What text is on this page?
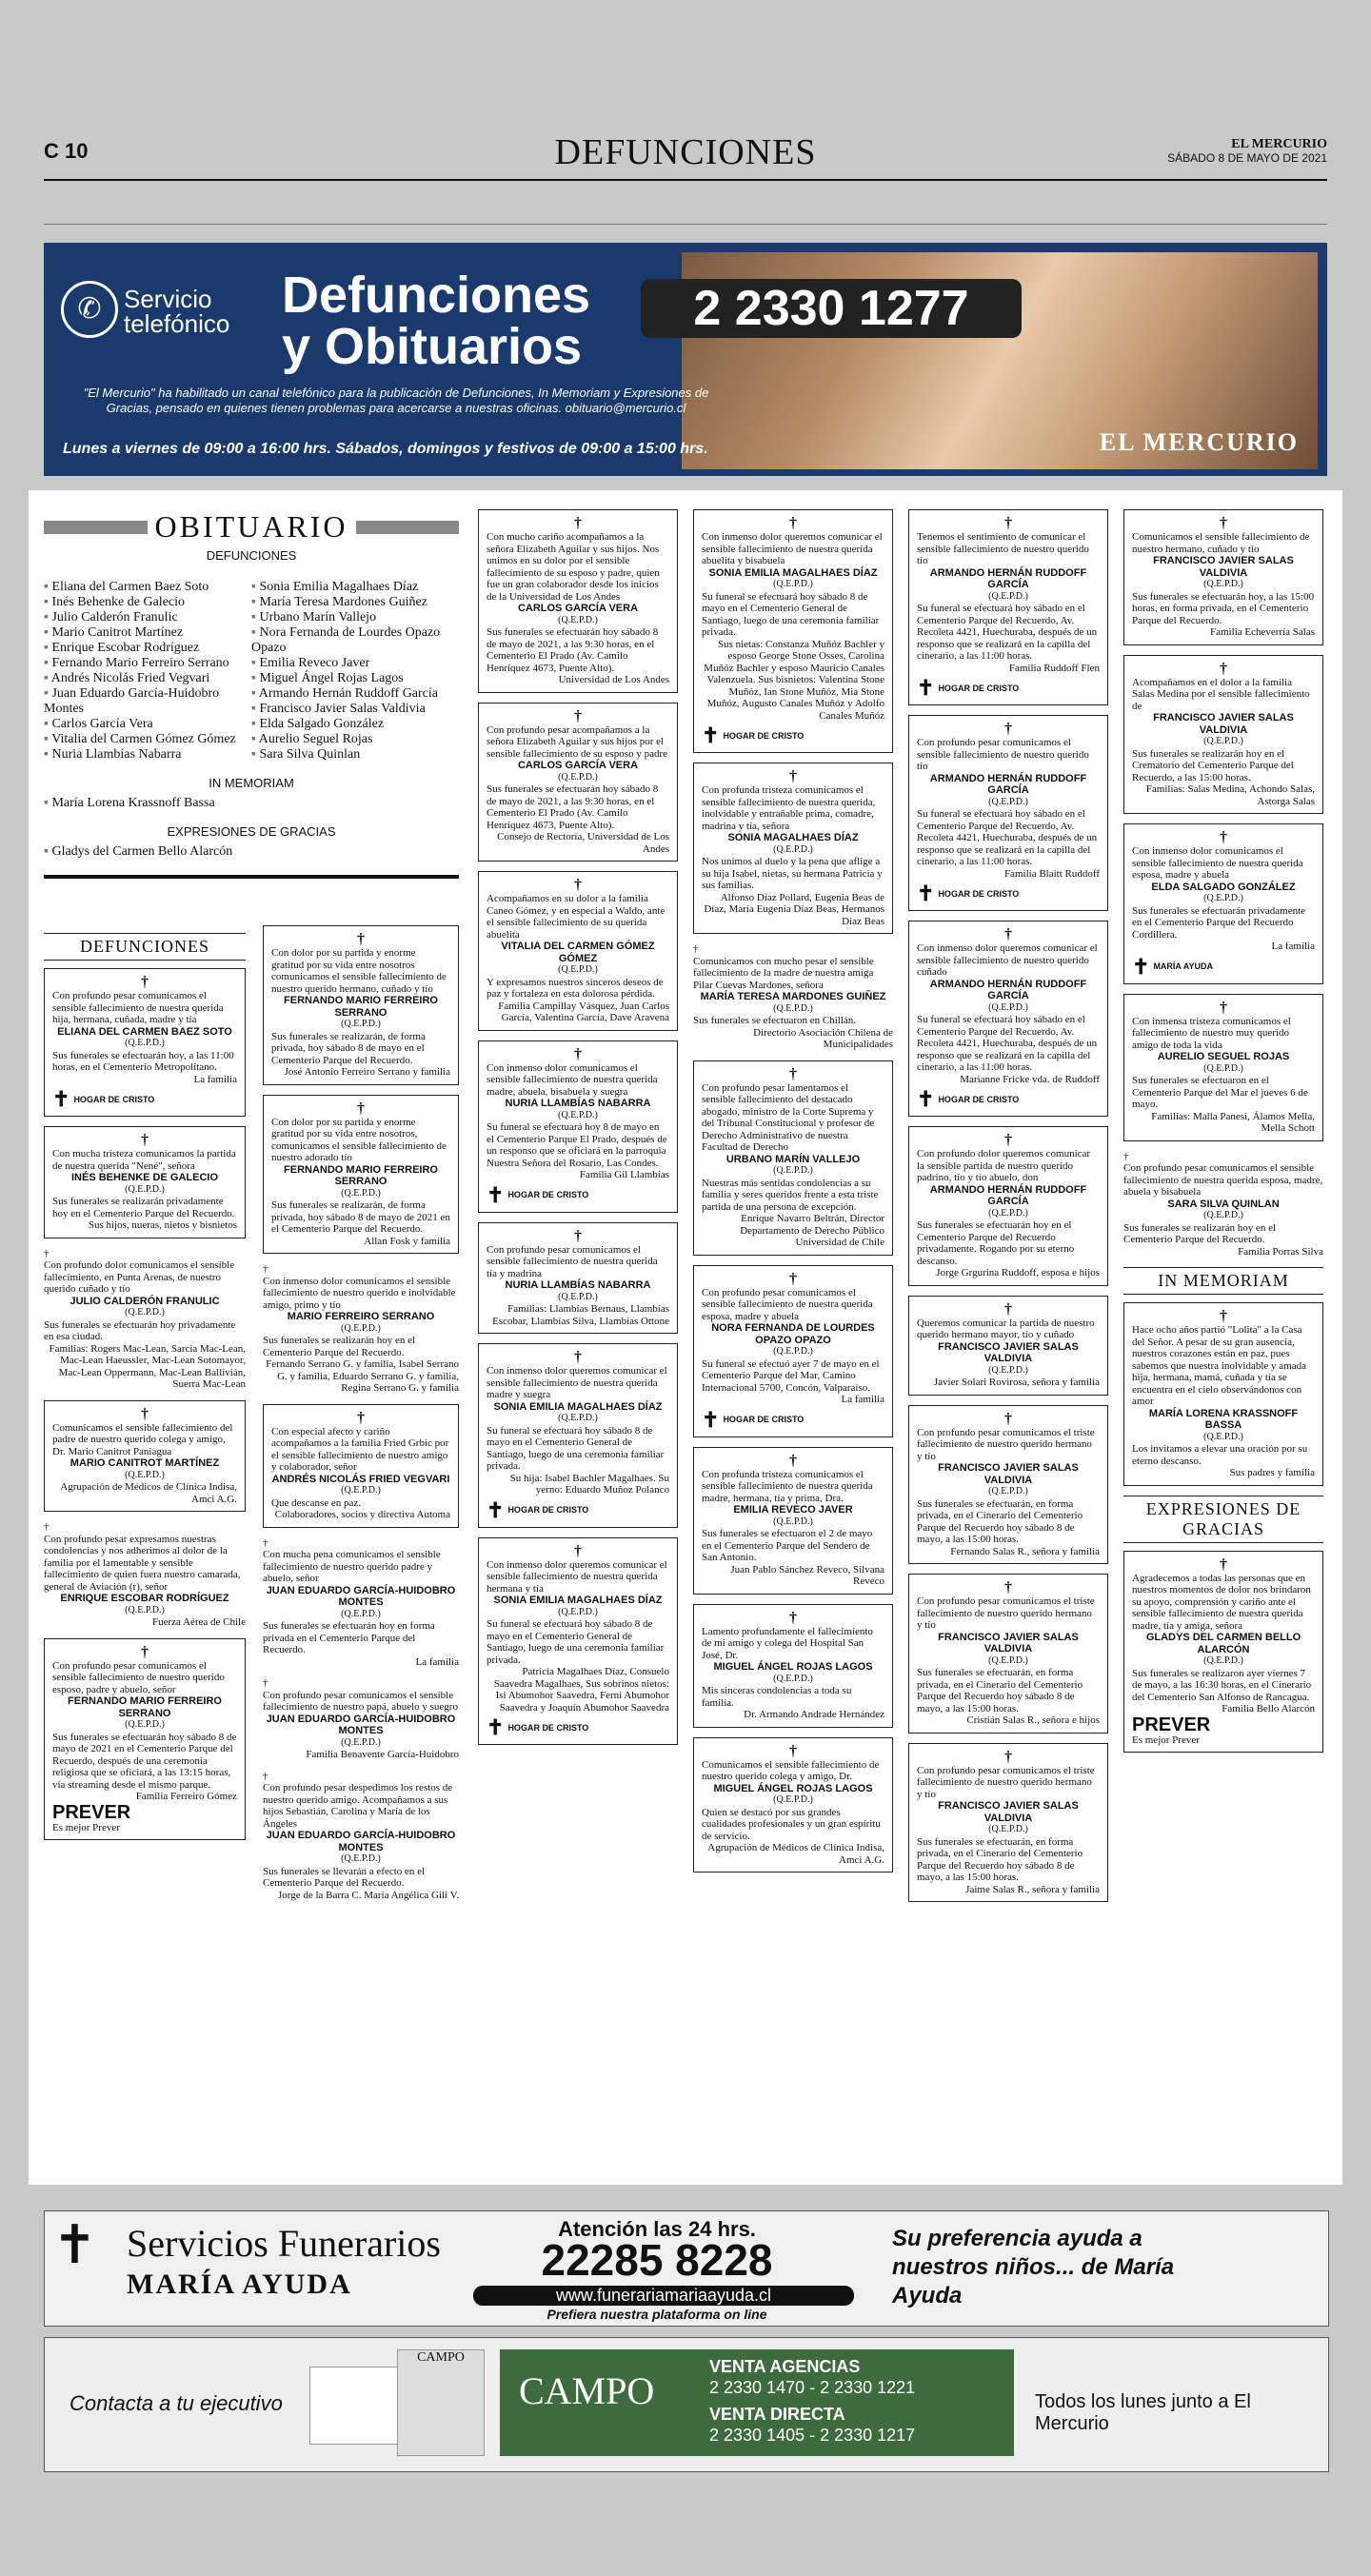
C 10	DEFUNCIONES	EL MERCURIO
SÁBADO 8 DE MAYO DE 2021
✆ Servicio
telefónico Defunciones
y Obituarios
2 2330 1277
"El Mercurio" ha habilitado un canal telefónico para la publicación de Defunciones, In Memoriam y Expresiones de Gracias, pensado en quienes tienen problemas para acercarse a nuestras oficinas. obituario@mercurio.cl
Lunes a viernes de 09:00 a 16:00 hrs. Sábados, domingos y festivos de 09:00 a 15:00 hrs.	EL MERCURIO
OBITUARIO
DEFUNCIONES
▪ Eliana del Carmen Baez Soto
▪ Inés Behenke de Galecio
▪ Julio Calderón Franulic
▪ Mario Canitrot Martínez
▪ Enrique Escobar Rodríguez
▪ Fernando Mario Ferreiro Serrano
▪ Andrés Nicolás Fried Vegvari
▪ Juan Eduardo García-Huidobro Montes
▪ Carlos García Vera
▪ Vitalia del Carmen Gómez Gómez
▪ Nuria Llambías Nabarra
▪ Sonia Emilia Magalhaes Díaz
▪ María Teresa Mardones Guiñez
▪ Urbano Marín Vallejo
▪ Nora Fernanda de Lourdes Opazo Opazo
▪ Emilia Reveco Javer
▪ Miguel Ángel Rojas Lagos
▪ Armando Hernán Ruddoff García
▪ Francisco Javier Salas Valdivia
▪ Elda Salgado González
▪ Aurelio Seguel Rojas
▪ Sara Silva Quinlan
IN MEMORIAM
▪ María Lorena Krassnoff Bassa
EXPRESIONES DE GRACIAS
▪ Gladys del Carmen Bello Alarcón
DEFUNCIONES
†
Con profundo pesar comunicamos el sensible fallecimiento de nuestra querida hija, hermana, cuñada, madre y tía
ELIANA DEL CARMEN BAEZ SOTO
(Q.E.P.D.)
Sus funerales se efectuarán hoy, a las 11:00 horas, en el Cementerio Metropolitano.
La familia
✝ HOGAR DE CRISTO
†
Con mucha tristeza comunicamos la partida de nuestra querida "Nené", señora
INÉS BEHENKE DE GALECIO
(Q.E.P.D.)
Sus funerales se realizarán privadamente hoy en el Cementerio Parque del Recuerdo.
Sus hijos, nueras, nietos y bisnietos
†
Con profundo dolor comunicamos el sensible fallecimiento, en Punta Arenas, de nuestro querido cuñado y tío
JULIO CALDERÓN FRANULIC
(Q.E.P.D.)
Sus funerales se efectuarán hoy privadamente en esa ciudad.
Familias: Rogers Mac-Lean, Sarcia Mac-Lean, Mac-Lean Haeussler, Mac-Lean Sotomayor, Mac-Lean Oppermann, Mac-Lean Ballivián, Suerra Mac-Lean
†
Comunicamos el sensible fallecimiento del padre de nuestro querido colega y amigo, Dr. Mario Canitrot Paniagua
MARIO CANITROT MARTÍNEZ
(Q.E.P.D.)
Agrupación de Médicos de Clínica Indisa, Amci A.G.
†
Con profundo pesar expresamos nuestras condolencias y nos adherimos al dolor de la familia por el lamentable y sensible fallecimiento de quien fuera nuestro camarada, general de Aviación (r), señor
ENRIQUE ESCOBAR RODRÍGUEZ
(Q.E.P.D.)
Fuerza Aérea de Chile
†
Con profundo pesar comunicamos el sensible fallecimiento de nuestro querido esposo, padre y abuelo, señor
FERNANDO MARIO FERREIRO SERRANO
(Q.E.P.D.)
Sus funerales se efectuarán hoy sábado 8 de mayo de 2021 en el Cementerio Parque del Recuerdo, después de una ceremonia religiosa que se oficiará, a las 13:15 horas, vía streaming desde el mismo parque.
Familia Ferreiro Gómez
PREVER
Es mejor Prever
†
Con dolor por su partida y enorme gratitud por su vida entre nosotros comunicamos el sensible fallecimiento de nuestro querido hermano, cuñado y tío
FERNANDO MARIO FERREIRO SERRANO
(Q.E.P.D.)
Sus funerales se realizarán, de forma privada, hoy sábado 8 de mayo en el Cementerio Parque del Recuerdo.
José Antonio Ferreiro Serrano y familia
†
Con dolor por su partida y enorme gratitud por su vida entre nosotros, comunicamos el sensible fallecimiento de nuestro adorado tío
FERNANDO MARIO FERREIRO SERRANO
(Q.E.P.D.)
Sus funerales se realizarán, de forma privada, hoy sábado 8 de mayo de 2021 en el Cementerio Parque del Recuerdo.
Allan Fosk y familia
†
Con inmenso dolor comunicamos el sensible fallecimiento de nuestro querido e inolvidable amigo, primo y tío
MARIO FERREIRO SERRANO
(Q.E.P.D.)
Sus funerales se realizarán hoy en el Cementerio Parque del Recuerdo.
Fernando Serrano G. y familia, Isabel Serrano G. y familia, Eduardo Serrano G. y familia, Regina Serrano G. y familia
†
Con especial afecto y cariño acompañamos a la familia Fried Grbic por el sensible fallecimiento de nuestro amigo y colaborador, señor
ANDRÉS NICOLÁS FRIED VEGVARI
(Q.E.P.D.)
Que descanse en paz.
Colaboradores, socios y directiva Automa
†
Con mucha pena comunicamos el sensible fallecimiento de nuestro querido padre y abuelo, señor
JUAN EDUARDO GARCÍA-HUIDOBRO MONTES
(Q.E.P.D.)
Sus funerales se efectuarán hoy en forma privada en el Cementerio Parque del Recuerdo.
La familia
†
Con profundo pesar comunicamos el sensible fallecimiento de nuestro papá, abuelo y suegro
JUAN EDUARDO GARCÍA-HUIDOBRO MONTES
(Q.E.P.D.)
Familia Benavente García-Huidobro
†
Con profundo pesar despedimos los restos de nuestro querido amigo. Acompañamos a sus hijos Sebastián, Carolina y María de los Ángeles
JUAN EDUARDO GARCÍA-HUIDOBRO MONTES
(Q.E.P.D.)
Sus funerales se llevarán a efecto en el Cementerio Parque del Recuerdo.
Jorge de la Barra C. María Angélica Gili V.
†
Con mucho cariño acompañamos a la señora Elizabeth Aguilar y sus hijos. Nos unimos en su dolor por el sensible fallecimiento de su esposo y padre, quien fue un gran colaborador desde los inicios de la Universidad de Los Andes
CARLOS GARCÍA VERA
(Q.E.P.D.)
Sus funerales se efectuarán hoy sábado 8 de mayo de 2021, a las 9:30 horas, en el Cementerio El Prado (Av. Camilo Henríquez 4673, Puente Alto).
Universidad de Los Andes
†
Con profundo pesar acompañamos a la señora Elizabeth Aguilar y sus hijos por el sensible fallecimiento de su esposo y padre
CARLOS GARCÍA VERA
(Q.E.P.D.)
Sus funerales se efectuarán hoy sábado 8 de mayo de 2021, a las 9:30 horas, en el Cementerio El Prado (Av. Camilo Henríquez 4673, Puente Alto).
Consejo de Rectoría, Universidad de Los Andes
†
Acompañamos en su dolor a la familia Caneo Gómez, y en especial a Waldo, ante el sensible fallecimiento de su querida abuelita
VITALIA DEL CARMEN GÓMEZ GÓMEZ
(Q.E.P.D.)
Y expresamos nuestros sinceros deseos de paz y fortaleza en esta dolorosa pérdida.
Familia Campillay Vásquez, Juan Carlos García, Valentina García, Dave Aravena
†
Con inmenso dolor comunicamos el sensible fallecimiento de nuestra querida madre, abuela, bisabuela y suegra
NURIA LLAMBÍAS NABARRA
(Q.E.P.D.)
Su funeral se efectuará hoy 8 de mayo en el Cementerio Parque El Prado, después de un responso que se oficiará en la parroquia Nuestra Señora del Rosario, Las Condes.
Familia Gil Llambías
✝ HOGAR DE CRISTO
†
Con profundo pesar comunicamos el sensible fallecimiento de nuestra querida tía y madrina
NURIA LLAMBÍAS NABARRA
(Q.E.P.D.)
Familias: Llambías Bernaus, Llambías Escobar, Llambías Silva, Llambías Ottone
†
Con inmenso dolor queremos comunicar el sensible fallecimiento de nuestra querida madre y suegra
SONIA EMILIA MAGALHAES DÍAZ
(Q.E.P.D.)
Su funeral se efectuará hoy sábado 8 de mayo en el Cementerio General de Santiago, luego de una ceremonia familiar privada.
Su hija: Isabel Bachler Magalhaes. Su yerno: Eduardo Muñoz Polanco
✝ HOGAR DE CRISTO
†
Con inmenso dolor queremos comunicar el sensible fallecimiento de nuestra querida hermana y tía
SONIA EMILIA MAGALHAES DÍAZ
(Q.E.P.D.)
Su funeral se efectuará hoy sábado 8 de mayo en el Cementerio General de Santiago, luego de una ceremonia familiar privada.
Patricia Magalhaes Díaz, Consuelo Saavedra Magalhaes, Sus sobrinos nietos: Isi Abumohor Saavedra, Ferni Abumohor Saavedra y Joaquín Abumohor Saavedra
✝ HOGAR DE CRISTO
†
Con inmenso dolor queremos comunicar el sensible fallecimiento de nuestra querida abuelita y bisabuela
SONIA EMILIA MAGALHAES DÍAZ
(Q.E.P.D.)
Su funeral se efectuará hoy sábado 8 de mayo en el Cementerio General de Santiago, luego de una ceremonia familiar privada.
Sus nietas: Constanza Muñóz Bachler y esposo George Stone Osses, Carolina Muñóz Bachler y esposo Mauricio Canales Valenzuela. Sus bisnietos: Valentina Stone Muñóz, Ian Stone Muñóz, Mia Stone Muñóz, Augusto Canales Muñóz y Adolfo Canales Muñóz
✝ HOGAR DE CRISTO
†
Con profunda tristeza comunicamos el sensible fallecimiento de nuestra querida, inolvidable y entrañable prima, comadre, madrina y tía, señora
SONIA MAGALHAES DÍAZ
(Q.E.P.D.)
Nos unimos al duelo y la pena que aflige a su hija Isabel, nietas, su hermana Patricia y sus familias.
Alfonso Díaz Pollard, Eugenia Beas de Díaz, María Eugenia Díaz Beas, Hermanos Díaz Beas
†
Comunicamos con mucho pesar el sensible fallecimiento de la madre de nuestra amiga Pilar Cuevas Mardones, señora
MARÍA TERESA MARDONES GUIÑEZ
(Q.E.P.D.)
Sus funerales se efectuaron en Chillán.
Directorio Asociación Chilena de Municipalidades
†
Con profundo pesar lamentamos el sensible fallecimiento del destacado abogado, ministro de la Corte Suprema y del Tribunal Constitucional y profesor de Derecho Administrativo de nuestra Facultad de Derecho
URBANO MARÍN VALLEJO
(Q.E.P.D.)
Nuestras más sentidas condolencias a su familia y seres queridos frente a esta triste partida de una persona de excepción.
Enrique Navarro Beltrán, Director Departamento de Derecho Público Universidad de Chile
†
Con profundo pesar comunicamos el sensible fallecimiento de nuestra querida esposa, madre y abuela
NORA FERNANDA DE LOURDES OPAZO OPAZO
(Q.E.P.D.)
Su funeral se efectuó ayer 7 de mayo en el Cementerio Parque del Mar, Camino Internacional 5700, Concón, Valparaíso.
La familia
✝ HOGAR DE CRISTO
†
Con profunda tristeza comunicamos el sensible fallecimiento de nuestra querida madre, hermana, tía y prima, Dra.
EMILIA REVECO JAVER
(Q.E.P.D.)
Sus funerales se efectuaron el 2 de mayo en el Cementerio Parque del Sendero de San Antonio.
Juan Pablo Sánchez Reveco, Silvana Reveco
†
Lamento profundamente el fallecimiento de mi amigo y colega del Hospital San José, Dr.
MIGUEL ÁNGEL ROJAS LAGOS
(Q.E.P.D.)
Mis sinceras condolencias a toda su familia.
Dr. Armando Andrade Hernández
†
Comunicamos el sensible fallecimiento de nuestro querido colega y amigo, Dr.
MIGUEL ÁNGEL ROJAS LAGOS
(Q.E.P.D.)
Quien se destacó por sus grandes cualidades profesionales y un gran espíritu de servicio.
Agrupación de Médicos de Clínica Indisa, Amci A.G.
†
Tenemos el sentimiento de comunicar el sensible fallecimiento de nuestro querido tío
ARMANDO HERNÁN RUDDOFF GARCÍA
(Q.E.P.D.)
Su funeral se efectuará hoy sábado en el Cementerio Parque del Recuerdo, Av. Recoleta 4421, Huechuraba, después de un responso que se realizará en la capilla del cinerario, a las 11:00 horas.
Familia Ruddoff Flen
✝ HOGAR DE CRISTO
†
Con profundo pesar comunicamos el sensible fallecimiento de nuestro querido tío
ARMANDO HERNÁN RUDDOFF GARCÍA
(Q.E.P.D.)
Su funeral se efectuará hoy sábado en el Cementerio Parque del Recuerdo, Av. Recoleta 4421, Huechuraba, después de un responso que se realizará en la capilla del cinerario, a las 11:00 horas.
Familia Blaitt Ruddoff
✝ HOGAR DE CRISTO
†
Con inmenso dolor queremos comunicar el sensible fallecimiento de nuestro querido cuñado
ARMANDO HERNÁN RUDDOFF GARCÍA
(Q.E.P.D.)
Su funeral se efectuará hoy sábado en el Cementerio Parque del Recuerdo, Av. Recoleta 4421, Huechuraba, después de un responso que se realizará en la capilla del cinerario, a las 11:00 horas.
Marianne Fricke vda. de Ruddoff
✝ HOGAR DE CRISTO
†
Con profundo dolor queremos comunicar la sensible partida de nuestro querido padrino, tío y tío abuelo, don
ARMANDO HERNÁN RUDDOFF GARCÍA
(Q.E.P.D.)
Sus funerales se efectuarán hoy en el Cementerio Parque del Recuerdo privadamente. Rogando por su eterno descanso.
Jorge Grgurina Ruddoff, esposa e hijos
†
Queremos comunicar la partida de nuestro querido hermano mayor, tío y cuñado
FRANCISCO JAVIER SALAS VALDIVIA
(Q.E.P.D.)
Javier Solari Rovirosa, señora y familia
†
Con profundo pesar comunicamos el triste fallecimiento de nuestro querido hermano y tío
FRANCISCO JAVIER SALAS VALDIVIA
(Q.E.P.D.)
Sus funerales se efectuarán, en forma privada, en el Cinerario del Cementerio Parque del Recuerdo hoy sábado 8 de mayo, a las 15:00 horas.
Fernando Salas R., señora y familia
†
Con profundo pesar comunicamos el triste fallecimiento de nuestro querido hermano y tío
FRANCISCO JAVIER SALAS VALDIVIA
(Q.E.P.D.)
Sus funerales se efectuarán, en forma privada, en el Cinerario del Cementerio Parque del Recuerdo hoy sábado 8 de mayo, a las 15:00 horas.
Cristián Salas R., señora e hijos
†
Con profundo pesar comunicamos el triste fallecimiento de nuestro querido hermano y tío
FRANCISCO JAVIER SALAS VALDIVIA
(Q.E.P.D.)
Sus funerales se efectuarán, en forma privada, en el Cinerario del Cementerio Parque del Recuerdo hoy sábado 8 de mayo, a las 15:00 horas.
Jaime Salas R., señora y familia
†
Comunicamos el sensible fallecimiento de nuestro hermano, cuñado y tío
FRANCISCO JAVIER SALAS VALDIVIA
(Q.E.P.D.)
Sus funerales se efectuarán hoy, a las 15:00 horas, en forma privada, en el Cementerio Parque del Recuerdo.
Familia Echeverría Salas
†
Acompañamos en el dolor a la familia Salas Medina por el sensible fallecimiento de
FRANCISCO JAVIER SALAS VALDIVIA
(Q.E.P.D.)
Sus funerales se realizarán hoy en el Crematorio del Cementerio Parque del Recuerdo, a las 15:00 horas.
Familias: Salas Medina, Achondo Salas, Astorga Salas
†
Con inmenso dolor comunicamos el sensible fallecimiento de nuestra querida esposa, madre y abuela
ELDA SALGADO GONZÁLEZ
(Q.E.P.D.)
Sus funerales se efectuarán privadamente en el Cementerio Parque del Recuerdo Cordillera.
La familia
✝ MARÍA AYUDA
†
Con inmensa tristeza comunicamos el fallecimiento de nuestro muy querido amigo de toda la vida
AURELIO SEGUEL ROJAS
(Q.E.P.D.)
Sus funerales se efectuaron en el Cementerio Parque del Mar el jueves 6 de mayo.
Familias: Malla Panesi, Álamos Mella, Mella Schott
†
Con profundo pesar comunicamos el sensible fallecimiento de nuestra querida esposa, madre, abuela y bisabuela
SARA SILVA QUINLAN
(Q.E.P.D.)
Sus funerales se realizarán hoy en el Cementerio Parque del Recuerdo.
Familia Porras Silva
IN MEMORIAM
†
Hace ocho años partió "Lolita" a la Casa del Señor. A pesar de su gran ausencia, nuestros corazones están en paz, pues sabemos que nuestra inolvidable y amada hija, hermana, mamá, cuñada y tía se encuentra en el cielo observándonos con amor
MARÍA LORENA KRASSNOFF BASSA
(Q.E.P.D.)
Los invitamos a elevar una oración por su eterno descanso.
Sus padres y familia
EXPRESIONES DE GRACIAS
†
Agradecemos a todas las personas que en nuestros momentos de dolor nos brindaron su apoyo, comprensión y cariño ante el sensible fallecimiento de nuestra querida madre, tía y amiga, señora
GLADYS DEL CARMEN BELLO ALARCÓN
(Q.E.P.D.)
Sus funerales se realizaron ayer viernes 7 de mayo, a las 16:30 horas, en el Cinerario del Cementerio San Alfonso de Rancagua.
Familia Bello Alarcón
PREVER
Es mejor Prever
✝ Servicios Funerarios
MARÍA AYUDA
Atención las 24 hrs.
22285 8228
www.funerariamariaayuda.cl
Prefiera nuestra plataforma on line
Su preferencia ayuda a nuestros niños... de María Ayuda
Contacta a tu ejecutivo
CAMPO
CAMPO
VENTA AGENCIAS
2 2330 1470 - 2 2330 1221
VENTA DIRECTA
2 2330 1405 - 2 2330 1217
Todos los lunes junto a El Mercurio
